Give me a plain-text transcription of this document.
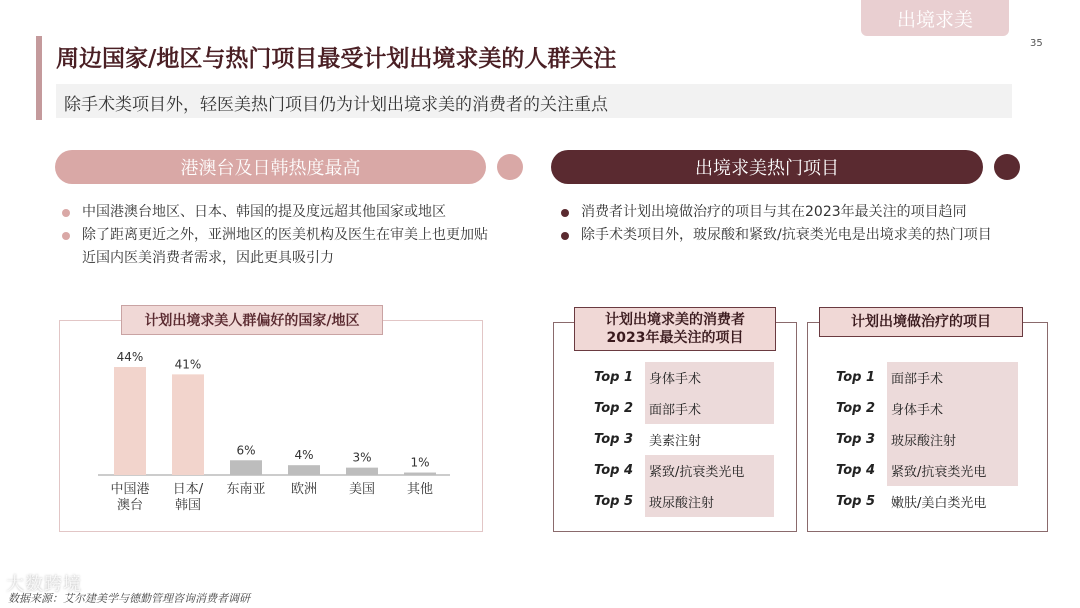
出境求美
35
周边国家/地区与热门项目最受计划出境求美的人群关注
除手术类项目外，轻医美热门项目仍为计划出境求美的消费者的关注重点
港澳台及日韩热度最高	出境求美热门项目
中国港澳台地区、日本、韩国的提及度远超其他国家或地区
除了距离更近之外，亚洲地区的医美机构及医生在审美上也更加贴近国内医美消费者需求，因此更具吸引力
消费者计划出境做治疗的项目与其在2023年最关注的项目趋同
除手术类项目外，玻尿酸和紧致/抗衰类光电是出境求美的热门项目
计划出境求美人群偏好的国家/地区
44%
中国港
澳台
41%
日本/
韩国
6%
东南亚
4%
欧洲
3%
美国
1%
其他
计划出境求美的消费者
2023年最关注的项目
Top 1	身体手术
Top 2	面部手术
Top 3	美素注射
Top 4	紧致/抗衰类光电
Top 5	玻尿酸注射
计划出境做治疗的项目
Top 1	面部手术
Top 2	身体手术
Top 3	玻尿酸注射
Top 4	紧致/抗衰类光电
Top 5	嫩肤/美白类光电
大数跨境
数据来源：艾尔建美学与德勤管理咨询消费者调研
